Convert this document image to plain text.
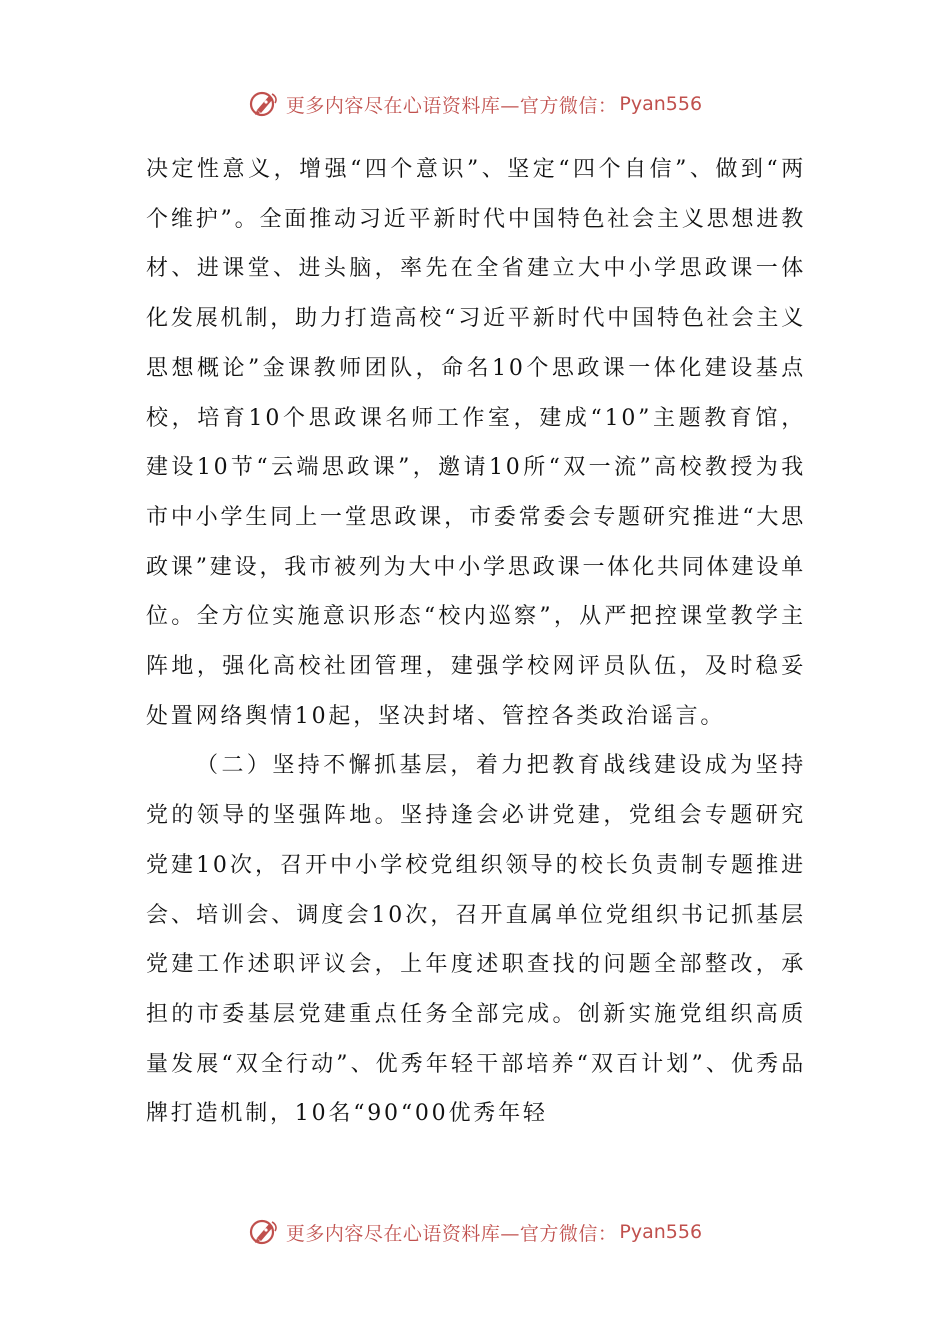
更多内容尽在心语资料库—官方微信： Pyan556

决定性意义，增强“四个意识”、坚定“四个自信”、做到“两个维护”。全面推动习近平新时代中国特色社会主义思想进教材、进课堂、进头脑，率先在全省建立大中小学思政课一体化发展机制，助力打造高校“习近平新时代中国特色社会主义思想概论”金课教师团队，命名10个思政课一体化建设基点校，培育10个思政课名师工作室，建成“10”主题教育馆，建设10节“云端思政课”，邀请10所“双一流”高校教授为我市中小学生同上一堂思政课，市委常委会专题研究推进“大思政课”建设，我市被列为大中小学思政课一体化共同体建设单位。全方位实施意识形态“校内巡察”，从严把控课堂教学主阵地，强化高校社团管理，建强学校网评员队伍，及时稳妥处置网络舆情10起，坚决封堵、管控各类政治谣言。

（二）坚持不懈抓基层，着力把教育战线建设成为坚持党的领导的坚强阵地。坚持逢会必讲党建，党组会专题研究党建10次，召开中小学校党组织领导的校长负责制专题推进会、培训会、调度会10次，召开直属单位党组织书记抓基层党建工作述职评议会，上年度述职查找的问题全部整改，承担的市委基层党建重点任务全部完成。创新实施党组织高质量发展“双全行动”、优秀年轻干部培养“双百计划”、优秀品牌打造机制，10名“90“00优秀年轻

更多内容尽在心语资料库—官方微信： Pyan556
